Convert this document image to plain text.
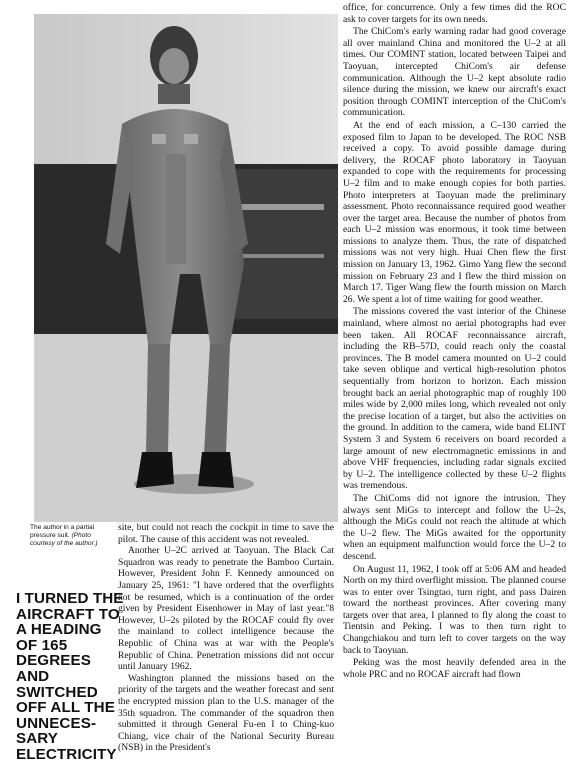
The author in a partial pressure suit. (Photo courtesy of the author.)
I TURNED THE
AIRCRAFT TO
A HEADING
OF 165
DEGREES
AND
SWITCHED
OFF ALL THE
UNNECES-
SARY
ELECTRICITY

site, but could not reach the cockpit in time to save the pilot. The cause of this accident was not revealed.

Another U–2C arrived at Taoyuan. The Black Cat Squadron was ready to penetrate the Bamboo Curtain. However, President John F. Kennedy announced on January 25, 1961: "I have ordered that the overflights not be resumed, which is a continuation of the order given by President Eisenhower in May of last year."8 However, U–2s piloted by the ROCAF could fly over the mainland to collect intelligence because the Republic of China was at war with the People's Republic of China. Penetration missions did not occur until January 1962.

Washington planned the missions based on the priority of the targets and the weather forecast and sent the encrypted mission plan to the U.S. manager of the 35th squadron. The commander of the squadron then submitted it through General Fu-en I to Ching-kuo Chiang, vice chair of the National Security Bureau (NSB) in the President's

office, for concurrence. Only a few times did the ROC ask to cover targets for its own needs.

The ChiCom's early warning radar had good coverage all over mainland China and monitored the U–2 at all times. Our COMINT station, located between Taipei and Taoyuan, intercepted ChiCom's air defense communication. Although the U–2 kept absolute radio silence during the mission, we knew our aircraft's exact position through COMINT interception of the ChiCom's communication.

At the end of each mission, a C–130 carried the exposed film to Japan to be developed. The ROC NSB received a copy. To avoid possible damage during delivery, the ROCAF photo laboratory in Taoyuan expanded to cope with the requirements for processing U–2 film and to make enough copies for both parties. Photo interpreters at Taoyuan made the preliminary assessment. Photo reconnaissance required good weather over the target area. Because the number of photos from each U–2 mission was enormous, it took time between missions to analyze them. Thus, the rate of dispatched missions was not very high. Huai Chen flew the first mission on January 13, 1962. Gimo Yang flew the second mission on February 23 and I flew the third mission on March 17. Tiger Wang flew the fourth mission on March 26. We spent a lot of time waiting for good weather.

The missions covered the vast interior of the Chinese mainland, where almost no aerial photographs had ever been taken. All ROCAF reconnaissance aircraft, including the RB–57D, could reach only the coastal provinces. The B model camera mounted on U–2 could take seven oblique and vertical high-resolution photos sequentially from horizon to horizon. Each mission brought back an aerial photographic map of roughly 100 miles wide by 2,000 miles long, which revealed not only the precise location of a target, but also the activities on the ground. In addition to the camera, wide band ELINT System 3 and System 6 receivers on board recorded a large amount of new electromagnetic emissions in and above VHF frequencies, including radar signals excited by U–2. The intelligence collected by these U–2 flights was tremendous.

The ChiComs did not ignore the intrusion. They always sent MiGs to intercept and follow the U–2s, although the MiGs could not reach the altitude at which the U–2 flew. The MiGs awaited for the opportunity when an equipment malfunction would force the U–2 to descend.

On August 11, 1962, I took off at 5:06 AM and headed North on my third overflight mission. The planned course was to enter over Tsingtao, turn right, and pass Dairen toward the northeast provinces. After covering many targets over that area, I planned to fly along the coast to Tientsin and Peking. I was to then turn right to Changchiakou and turn left to cover targets on the way back to Taoyuan.

Peking was the most heavily defended area in the whole PRC and no ROCAF aircraft had flown
